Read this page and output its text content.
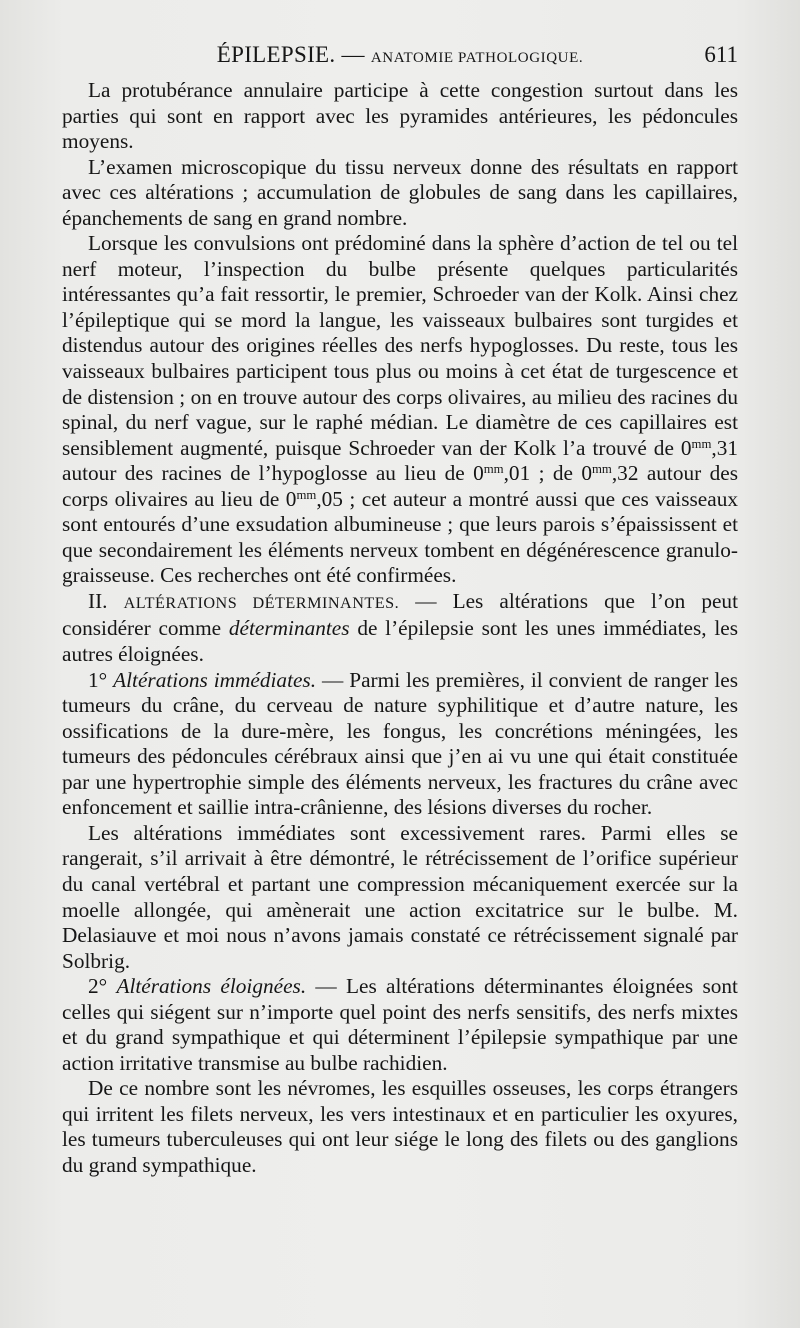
ÉPILEPSIE. — ANATOMIE PATHOLOGIQUE.	611

La protubérance annulaire participe à cette congestion surtout dans les parties qui sont en rapport avec les pyramides antérieures, les pédoncules moyens.

L’examen microscopique du tissu nerveux donne des résultats en rapport avec ces altérations ; accumulation de globules de sang dans les capillaires, épanchements de sang en grand nombre.

Lorsque les convulsions ont prédominé dans la sphère d’action de tel ou tel nerf moteur, l’inspection du bulbe présente quelques particularités intéressantes qu’a fait ressortir, le premier, Schroeder van der Kolk. Ainsi chez l’épileptique qui se mord la langue, les vaisseaux bulbaires sont turgides et distendus autour des origines réelles des nerfs hypoglosses. Du reste, tous les vaisseaux bulbaires participent tous plus ou moins à cet état de turgescence et de distension ; on en trouve autour des corps olivaires, au milieu des racines du spinal, du nerf vague, sur le raphé médian. Le diamètre de ces capillaires est sensiblement augmenté, puisque Schroeder van der Kolk l’a trouvé de $0^{mm},31$ autour des racines de l’hypoglosse au lieu de $0^{mm},01$ ; de $0^{mm},32$ autour des corps olivaires au lieu de $0^{mm},05$ ; cet auteur a montré aussi que ces vaisseaux sont entourés d’une exsudation albumineuse ; que leurs parois s’épaississent et que secondairement les éléments nerveux tombent en dégénérescence granulo-graisseuse. Ces recherches ont été confirmées.

II. ALTÉRATIONS DÉTERMINANTES. — Les altérations que l’on peut considérer comme déterminantes de l’épilepsie sont les unes immédiates, les autres éloignées.

1° Altérations immédiates. — Parmi les premières, il convient de ranger les tumeurs du crâne, du cerveau de nature syphilitique et d’autre nature, les ossifications de la dure-mère, les fongus, les concrétions méningées, les tumeurs des pédoncules cérébraux ainsi que j’en ai vu une qui était constituée par une hypertrophie simple des éléments nerveux, les fractures du crâne avec enfoncement et saillie intra-crânienne, des lésions diverses du rocher.

Les altérations immédiates sont excessivement rares. Parmi elles se rangerait, s’il arrivait à être démontré, le rétrécissement de l’orifice supérieur du canal vertébral et partant une compression mécaniquement exercée sur la moelle allongée, qui amènerait une action excitatrice sur le bulbe. M. Delasiauve et moi nous n’avons jamais constaté ce rétrécissement signalé par Solbrig.

2° Altérations éloignées. — Les altérations déterminantes éloignées sont celles qui siégent sur n’importe quel point des nerfs sensitifs, des nerfs mixtes et du grand sympathique et qui déterminent l’épilepsie sympathique par une action irritative transmise au bulbe rachidien.

De ce nombre sont les névromes, les esquilles osseuses, les corps étrangers qui irritent les filets nerveux, les vers intestinaux et en particulier les oxyures, les tumeurs tuberculeuses qui ont leur siége le long des filets ou des ganglions du grand sympathique.
